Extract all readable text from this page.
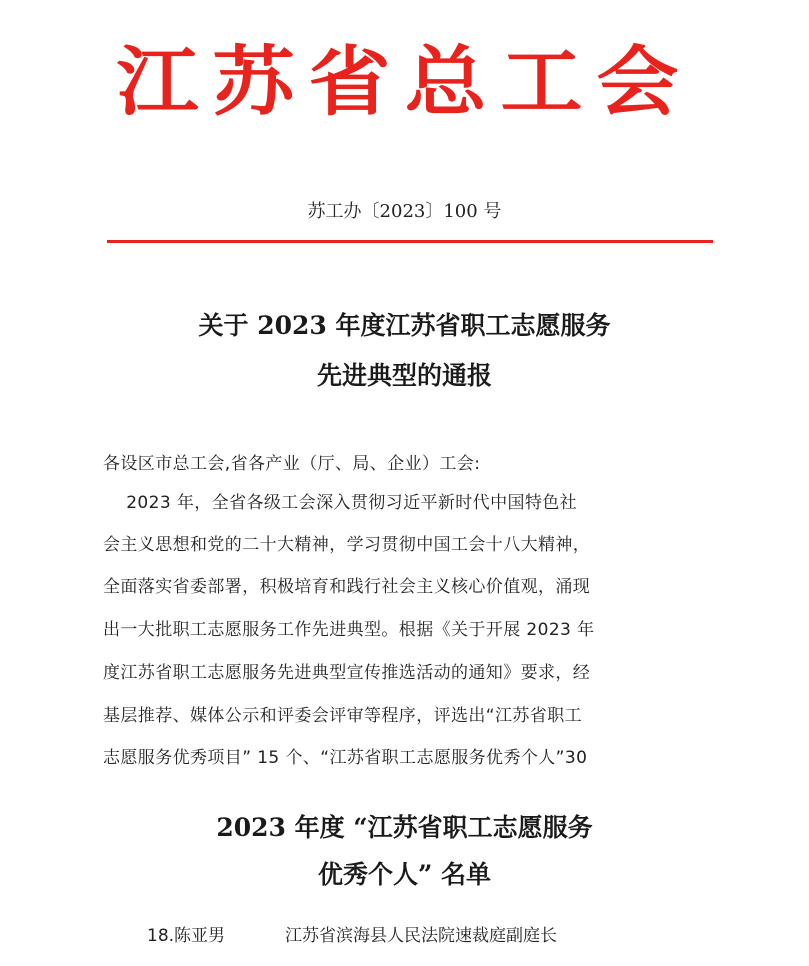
江苏省总工会
苏工办〔2023〕100 号
关于 2023 年度江苏省职工志愿服务
先进典型的通报
各设区市总工会,省各产业（厅、局、企业）工会:
2023 年，全省各级工会深入贯彻习近平新时代中国特色社
会主义思想和党的二十大精神，学习贯彻中国工会十八大精神，
全面落实省委部署，积极培育和践行社会主义核心价值观，涌现
出一大批职工志愿服务工作先进典型。根据《关于开展 2023 年
度江苏省职工志愿服务先进典型宣传推选活动的通知》要求，经
基层推荐、媒体公示和评委会评审等程序，评选出“江苏省职工
志愿服务优秀项目” 15 个、“江苏省职工志愿服务优秀个人”30
2023 年度 “江苏省职工志愿服务
优秀个人” 名单
18.陈亚男	江苏省滨海县人民法院速裁庭副庭长
